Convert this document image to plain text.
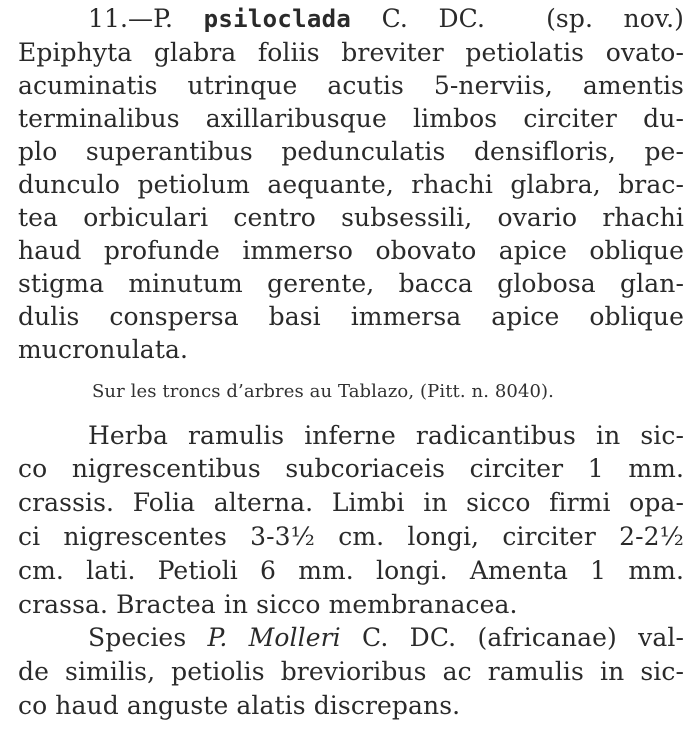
11.—P. psiloclada C. DC. (sp. nov.)
Epiphyta glabra foliis breviter petiolatis ovato-
acuminatis utrinque acutis 5-nerviis, amentis
terminalibus axillaribusque limbos circiter du-
plo superantibus pedunculatis densifloris, pe-
dunculo petiolum aequante, rhachi glabra, brac-
tea orbiculari centro subsessili, ovario rhachi
haud profunde immerso obovato apice oblique
stigma minutum gerente, bacca globosa glan-
dulis conspersa basi immersa apice oblique
mucronulata.
Sur les troncs d’arbres au Tablazo, (Pitt. n. 8040).
Herba ramulis inferne radicantibus in sic-
co nigrescentibus subcoriaceis circiter 1 mm.
crassis. Folia alterna. Limbi in sicco firmi opa-
ci nigrescentes 3-3½ cm. longi, circiter 2-2½
cm. lati. Petioli 6 mm. longi. Amenta 1 mm.
crassa. Bractea in sicco membranacea.
Species P. Molleri C. DC. (africanae) val-
de similis, petiolis brevioribus ac ramulis in sic-
co haud anguste alatis discrepans.
